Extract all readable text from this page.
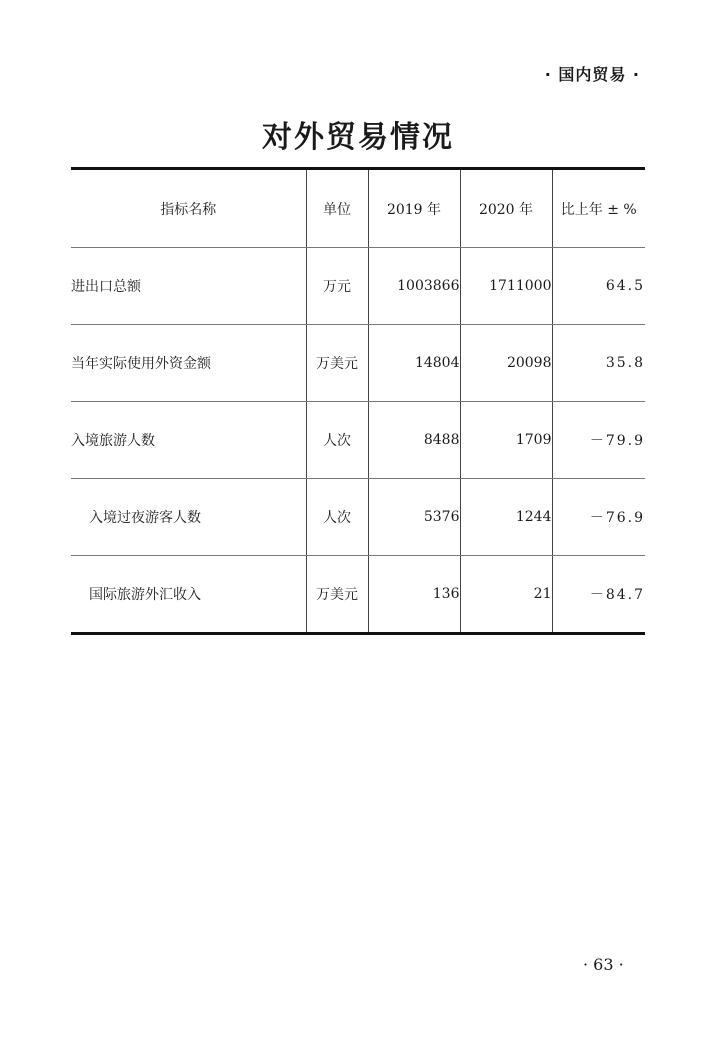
· 国内贸易 ·
对外贸易情况
指标名称	单位	2019 年	2020 年	比上年 ± %
进出口总额	万元	1003866	1711000	64.5
当年实际使用外资金额	万美元	14804	20098	35.8
入境旅游人数	人次	8488	1709	－79.9
入境过夜游客人数	人次	5376	1244	－76.9
国际旅游外汇收入	万美元	136	21	－84.7
· 63 ·
